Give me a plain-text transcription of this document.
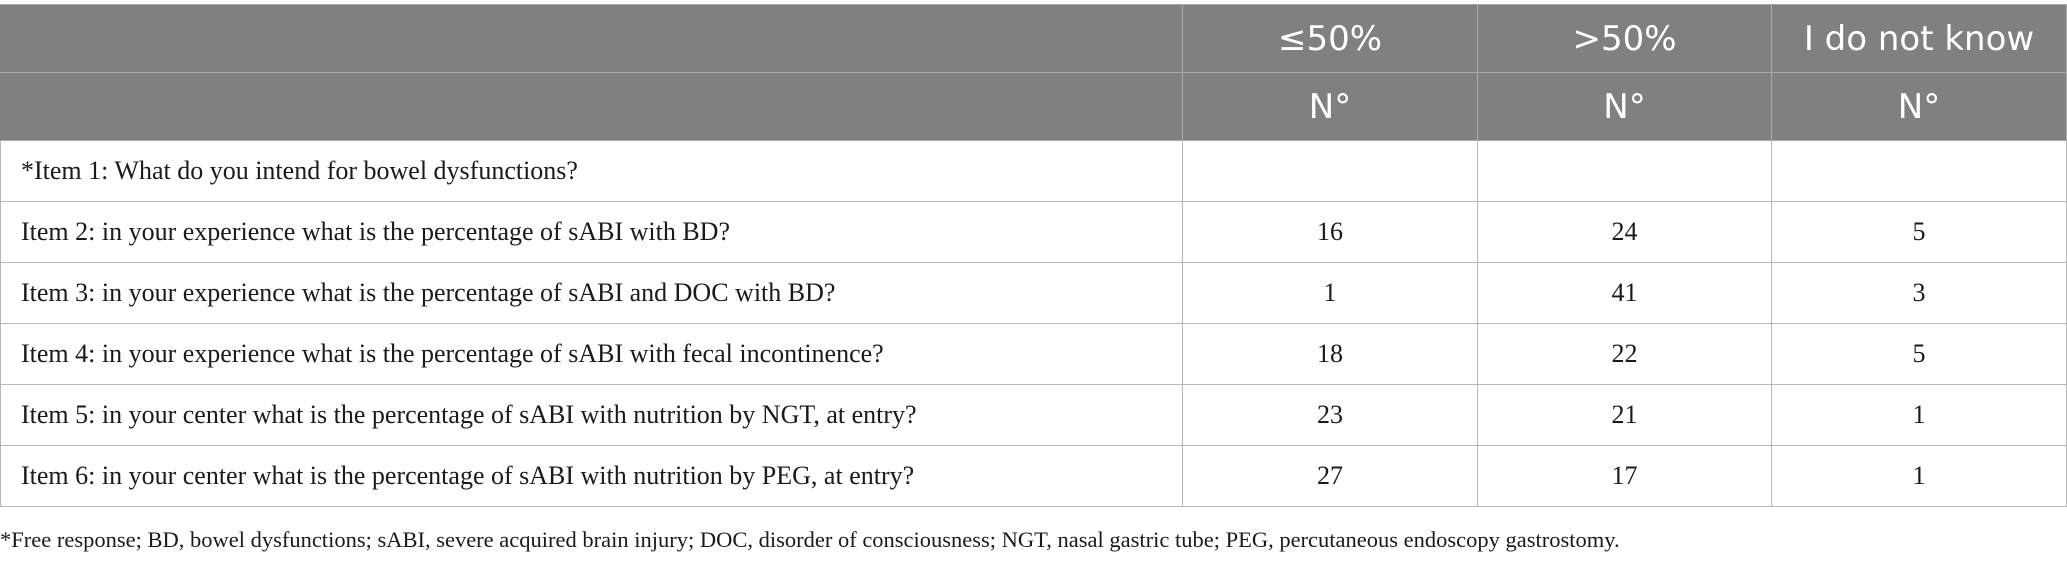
	≤50%	>50%	I do not know
	N°	N°	N°
*Item 1: What do you intend for bowel dysfunctions?			
Item 2: in your experience what is the percentage of sABI with BD?	16	24	5
Item 3: in your experience what is the percentage of sABI and DOC with BD?	1	41	3
Item 4: in your experience what is the percentage of sABI with fecal incontinence?	18	22	5
Item 5: in your center what is the percentage of sABI with nutrition by NGT, at entry?	23	21	1
Item 6: in your center what is the percentage of sABI with nutrition by PEG, at entry?	27	17	1
*Free response; BD, bowel dysfunctions; sABI, severe acquired brain injury; DOC, disorder of consciousness; NGT, nasal gastric tube; PEG, percutaneous endoscopy gastrostomy.
